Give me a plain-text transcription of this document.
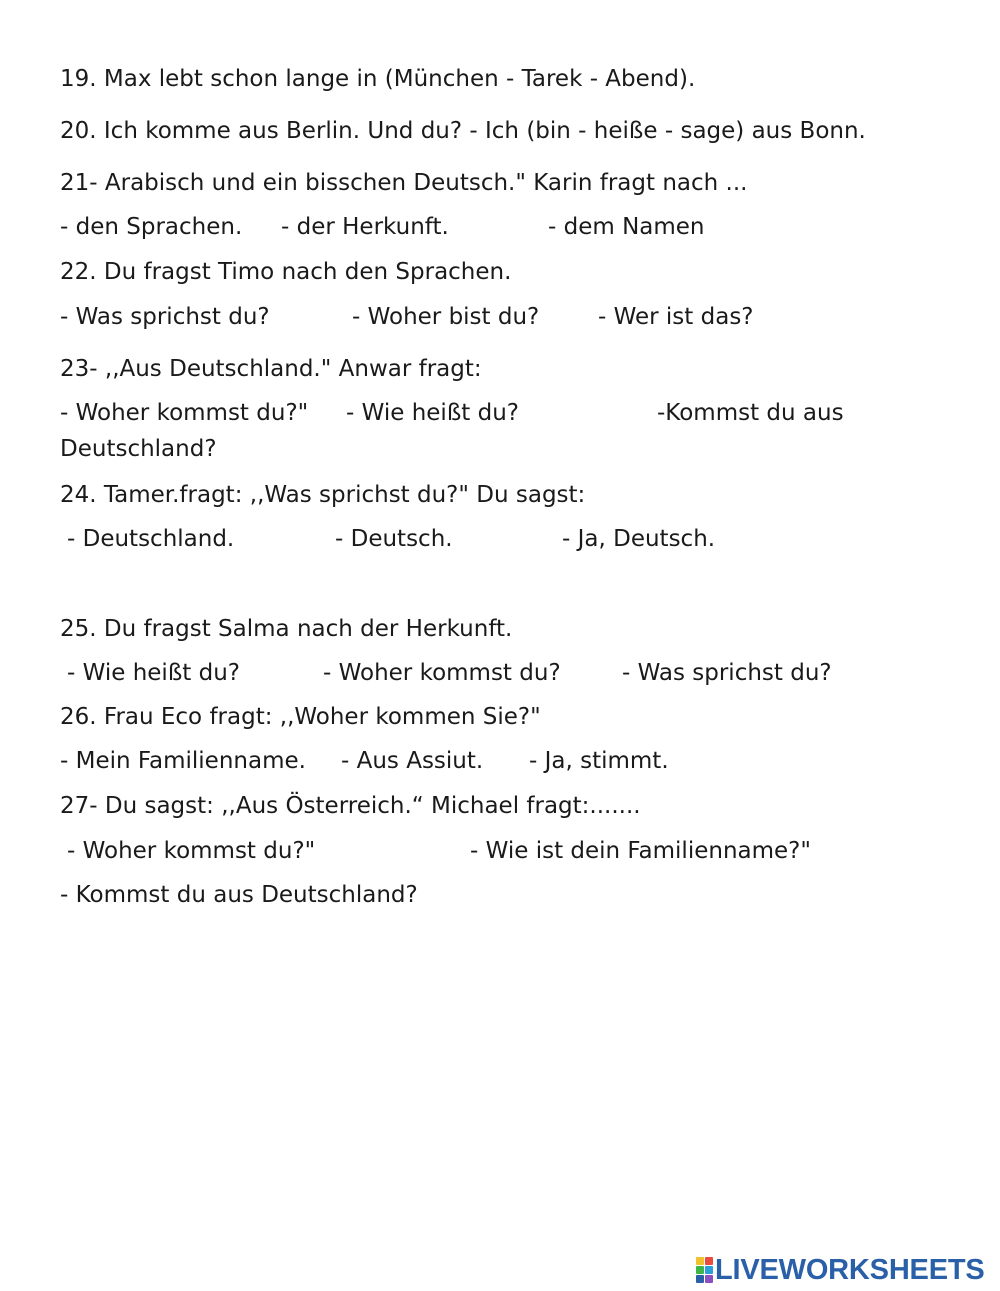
19. Max lebt schon lange in (München - Tarek - Abend).
20. Ich komme aus Berlin. Und du? - Ich (bin - heiße - sage) aus Bonn.
21- Arabisch und ein bisschen Deutsch." Karin fragt nach ...
- den Sprachen. - der Herkunft.	- dem Namen
22. Du fragst Timo nach den Sprachen.
- Was sprichst du?	- Woher bist du?	- Wer ist das?
23- ,,Aus Deutschland." Anwar fragt:
- Woher kommst du?" - Wie heißt du?	-Kommst du aus
Deutschland?
24. Tamer.fragt: ,,Was sprichst du?" Du sagst:
- Deutschland.	- Deutsch.	- Ja, Deutsch.
25. Du fragst Salma nach der Herkunft.
- Wie heißt du?	- Woher kommst du?	- Was sprichst du?
26. Frau Eco fragt: ,,Woher kommen Sie?"
- Mein Familienname. - Aus Assiut. - Ja, stimmt.
27- Du sagst: ,,Aus Österreich.“ Michael fragt:.......
- Woher kommst du?"	- Wie ist dein Familienname?"
- Kommst du aus Deutschland?
LIVEWORKSHEETS
